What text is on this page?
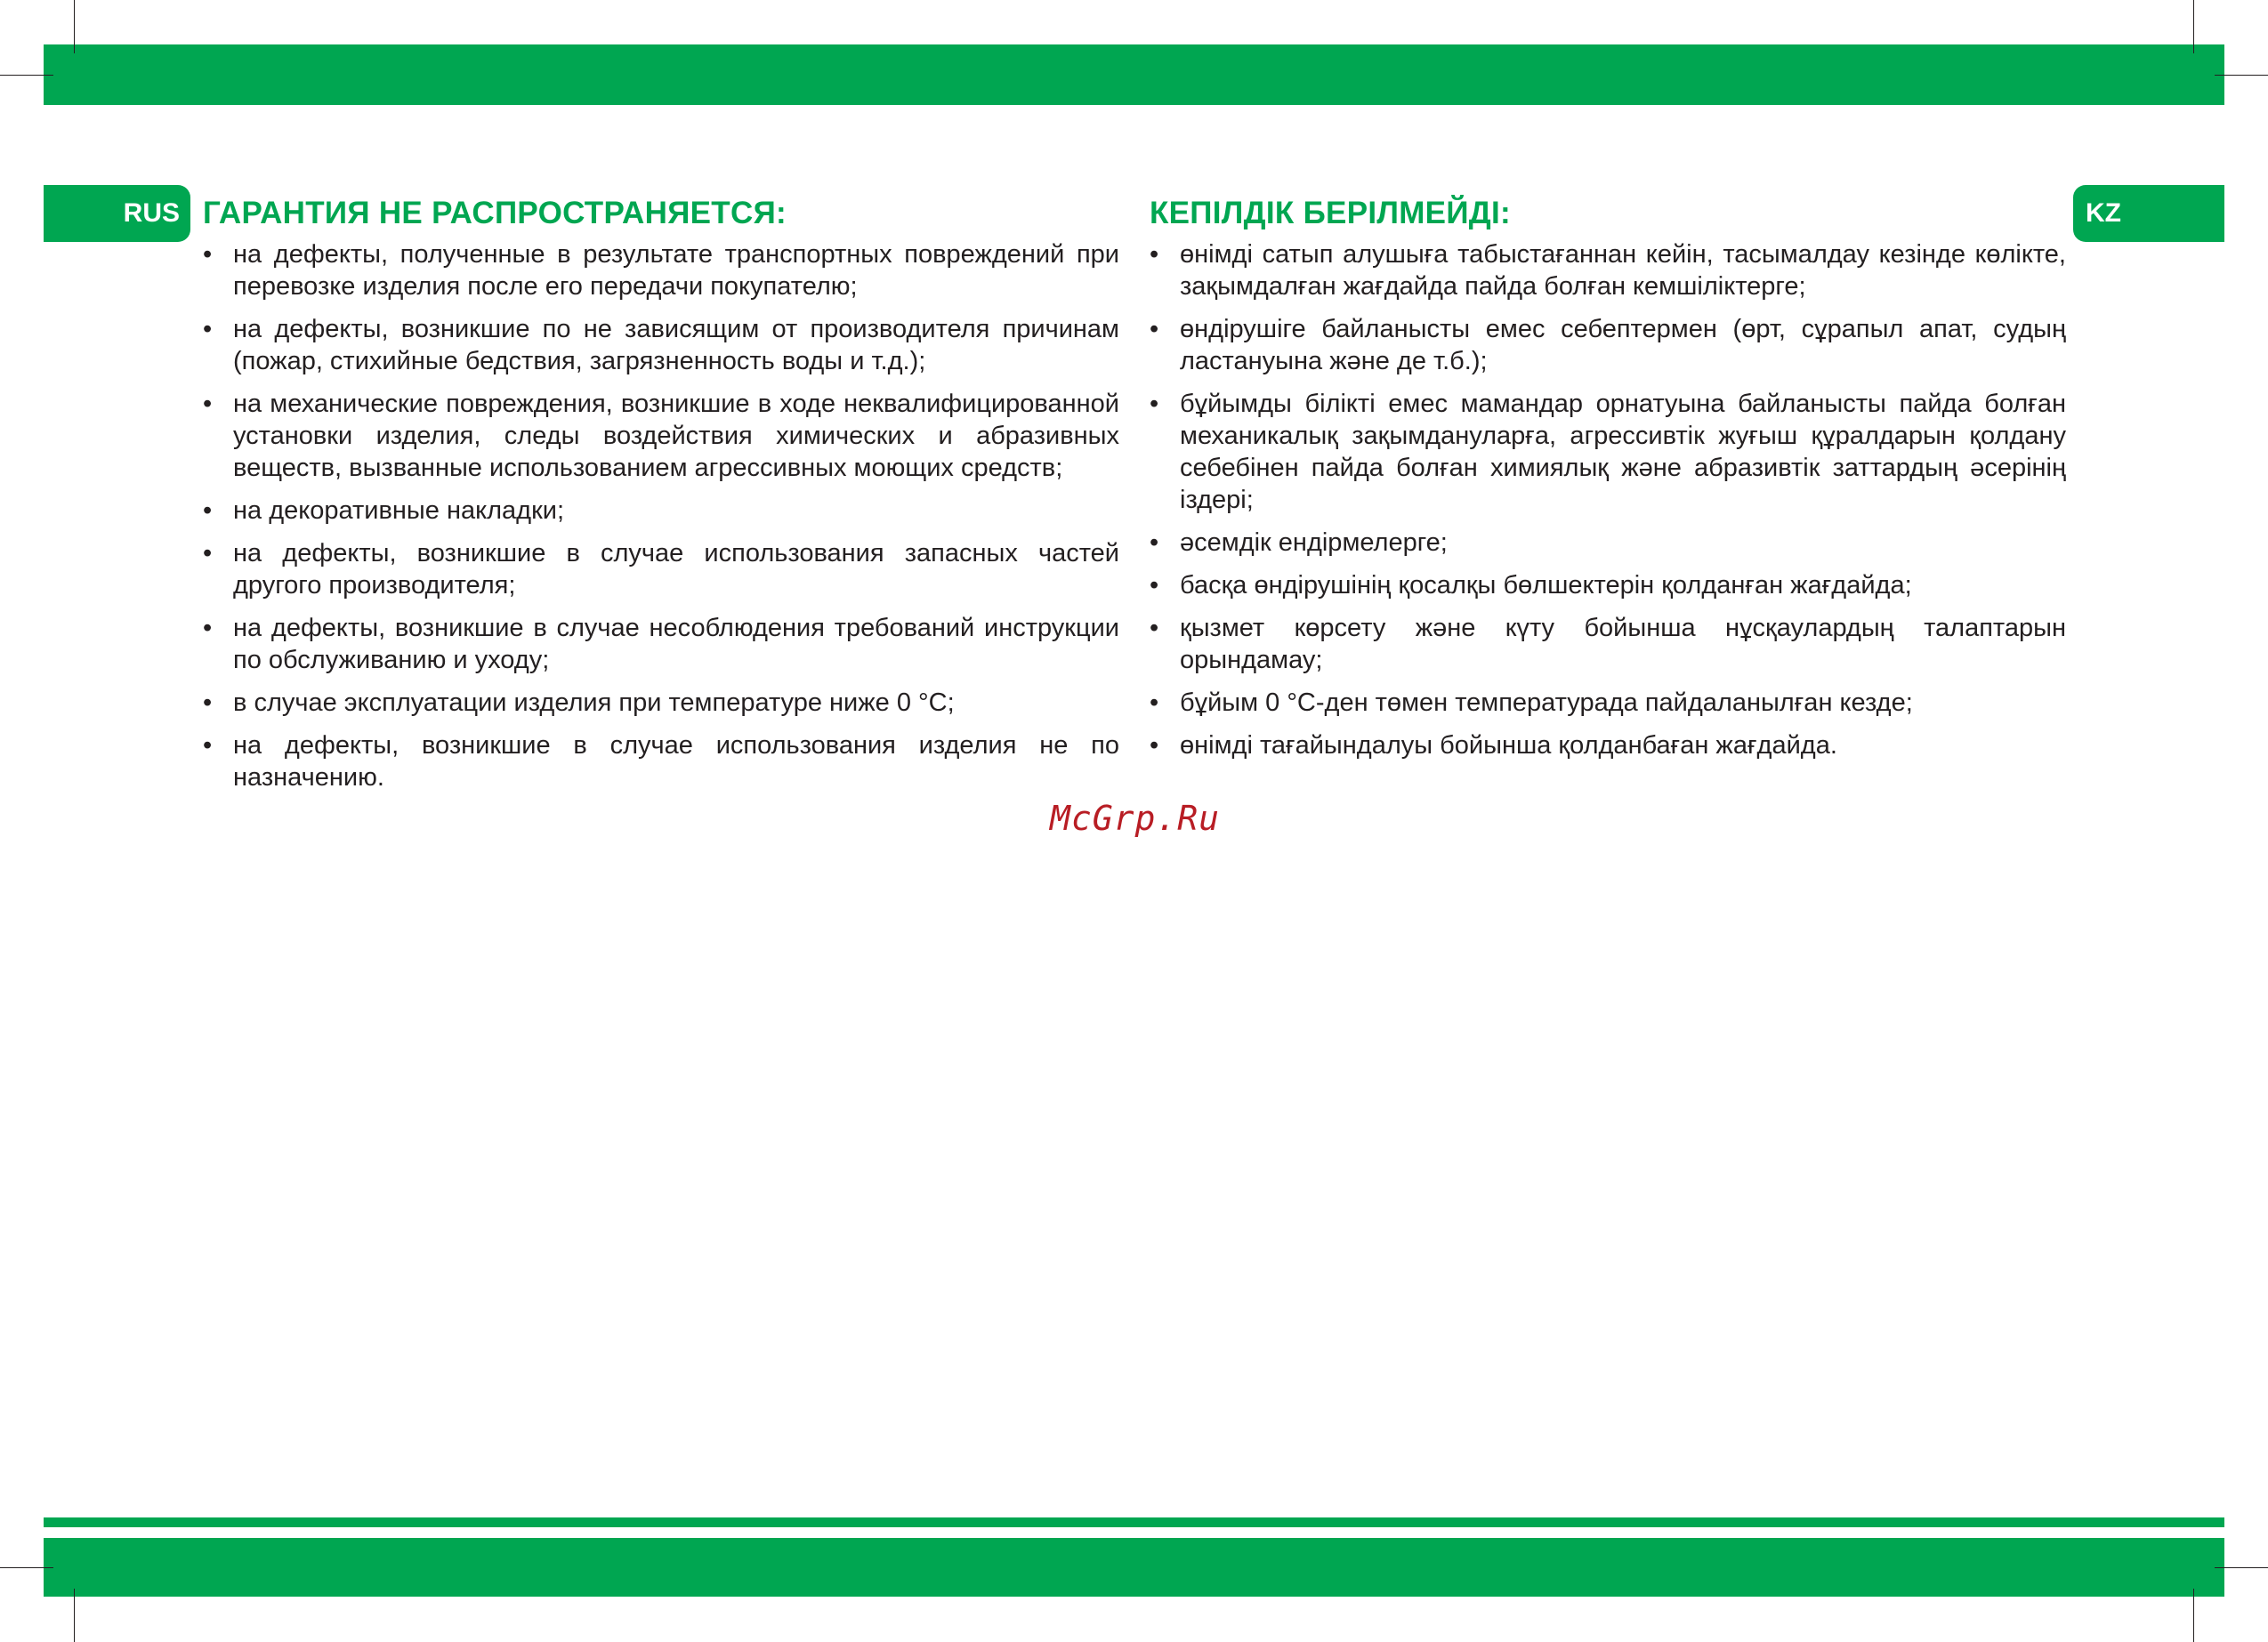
RUS	KZ
ГАРАНТИЯ НЕ РАСПРОСТРАНЯЕТСЯ:
• на дефекты, полученные в результате транспортных повреждений при перевозке изделия после его передачи покупателю;
• на дефекты, возникшие по не зависящим от производителя причинам (пожар, стихийные бедствия, загрязненность воды и т.д.);
• на механические повреждения, возникшие в ходе неквалифицированной установки изделия, следы воздействия химических и абразивных веществ, вызванные использованием агрессивных моющих средств;
• на декоративные накладки;
• на дефекты, возникшие в случае использования запасных частей другого производителя;
• на дефекты, возникшие в случае несоблюдения требований инструкции по обслуживанию и уходу;
• в случае эксплуатации изделия при температуре ниже 0 °С;
• на дефекты, возникшие в случае использования изделия не по назначению.
КЕПІЛДІК БЕРІЛМЕЙДІ:
• өнімді сатып алушыға табыстағаннан кейін, тасымалдау кезінде көлікте, зақымдалған жағдайда пайда болған кемшіліктерге;
• өндірушіге байланысты емес себептермен (өрт, сұрапыл апат, судың ластануына және де т.б.);
• бұйымды білікті емес мамандар орнатуына байланысты пайда болған механикалық зақымдануларға, агрессивтік жуғыш құралдарын қолдану себебінен пайда болған химиялық және абразивтік заттардың әсерінің іздері;
• әсемдік ендірмелерге;
• басқа өндірушінің қосалқы бөлшектерін қолданған жағдайда;
• қызмет көрсету және күту бойынша нұсқаулардың талаптарын орындамау;
• бұйым 0 °С-ден төмен температурада пайдаланылған кезде;
• өнімді тағайындалуы бойынша қолданбаған жағдайда.
McGrp.Ru
